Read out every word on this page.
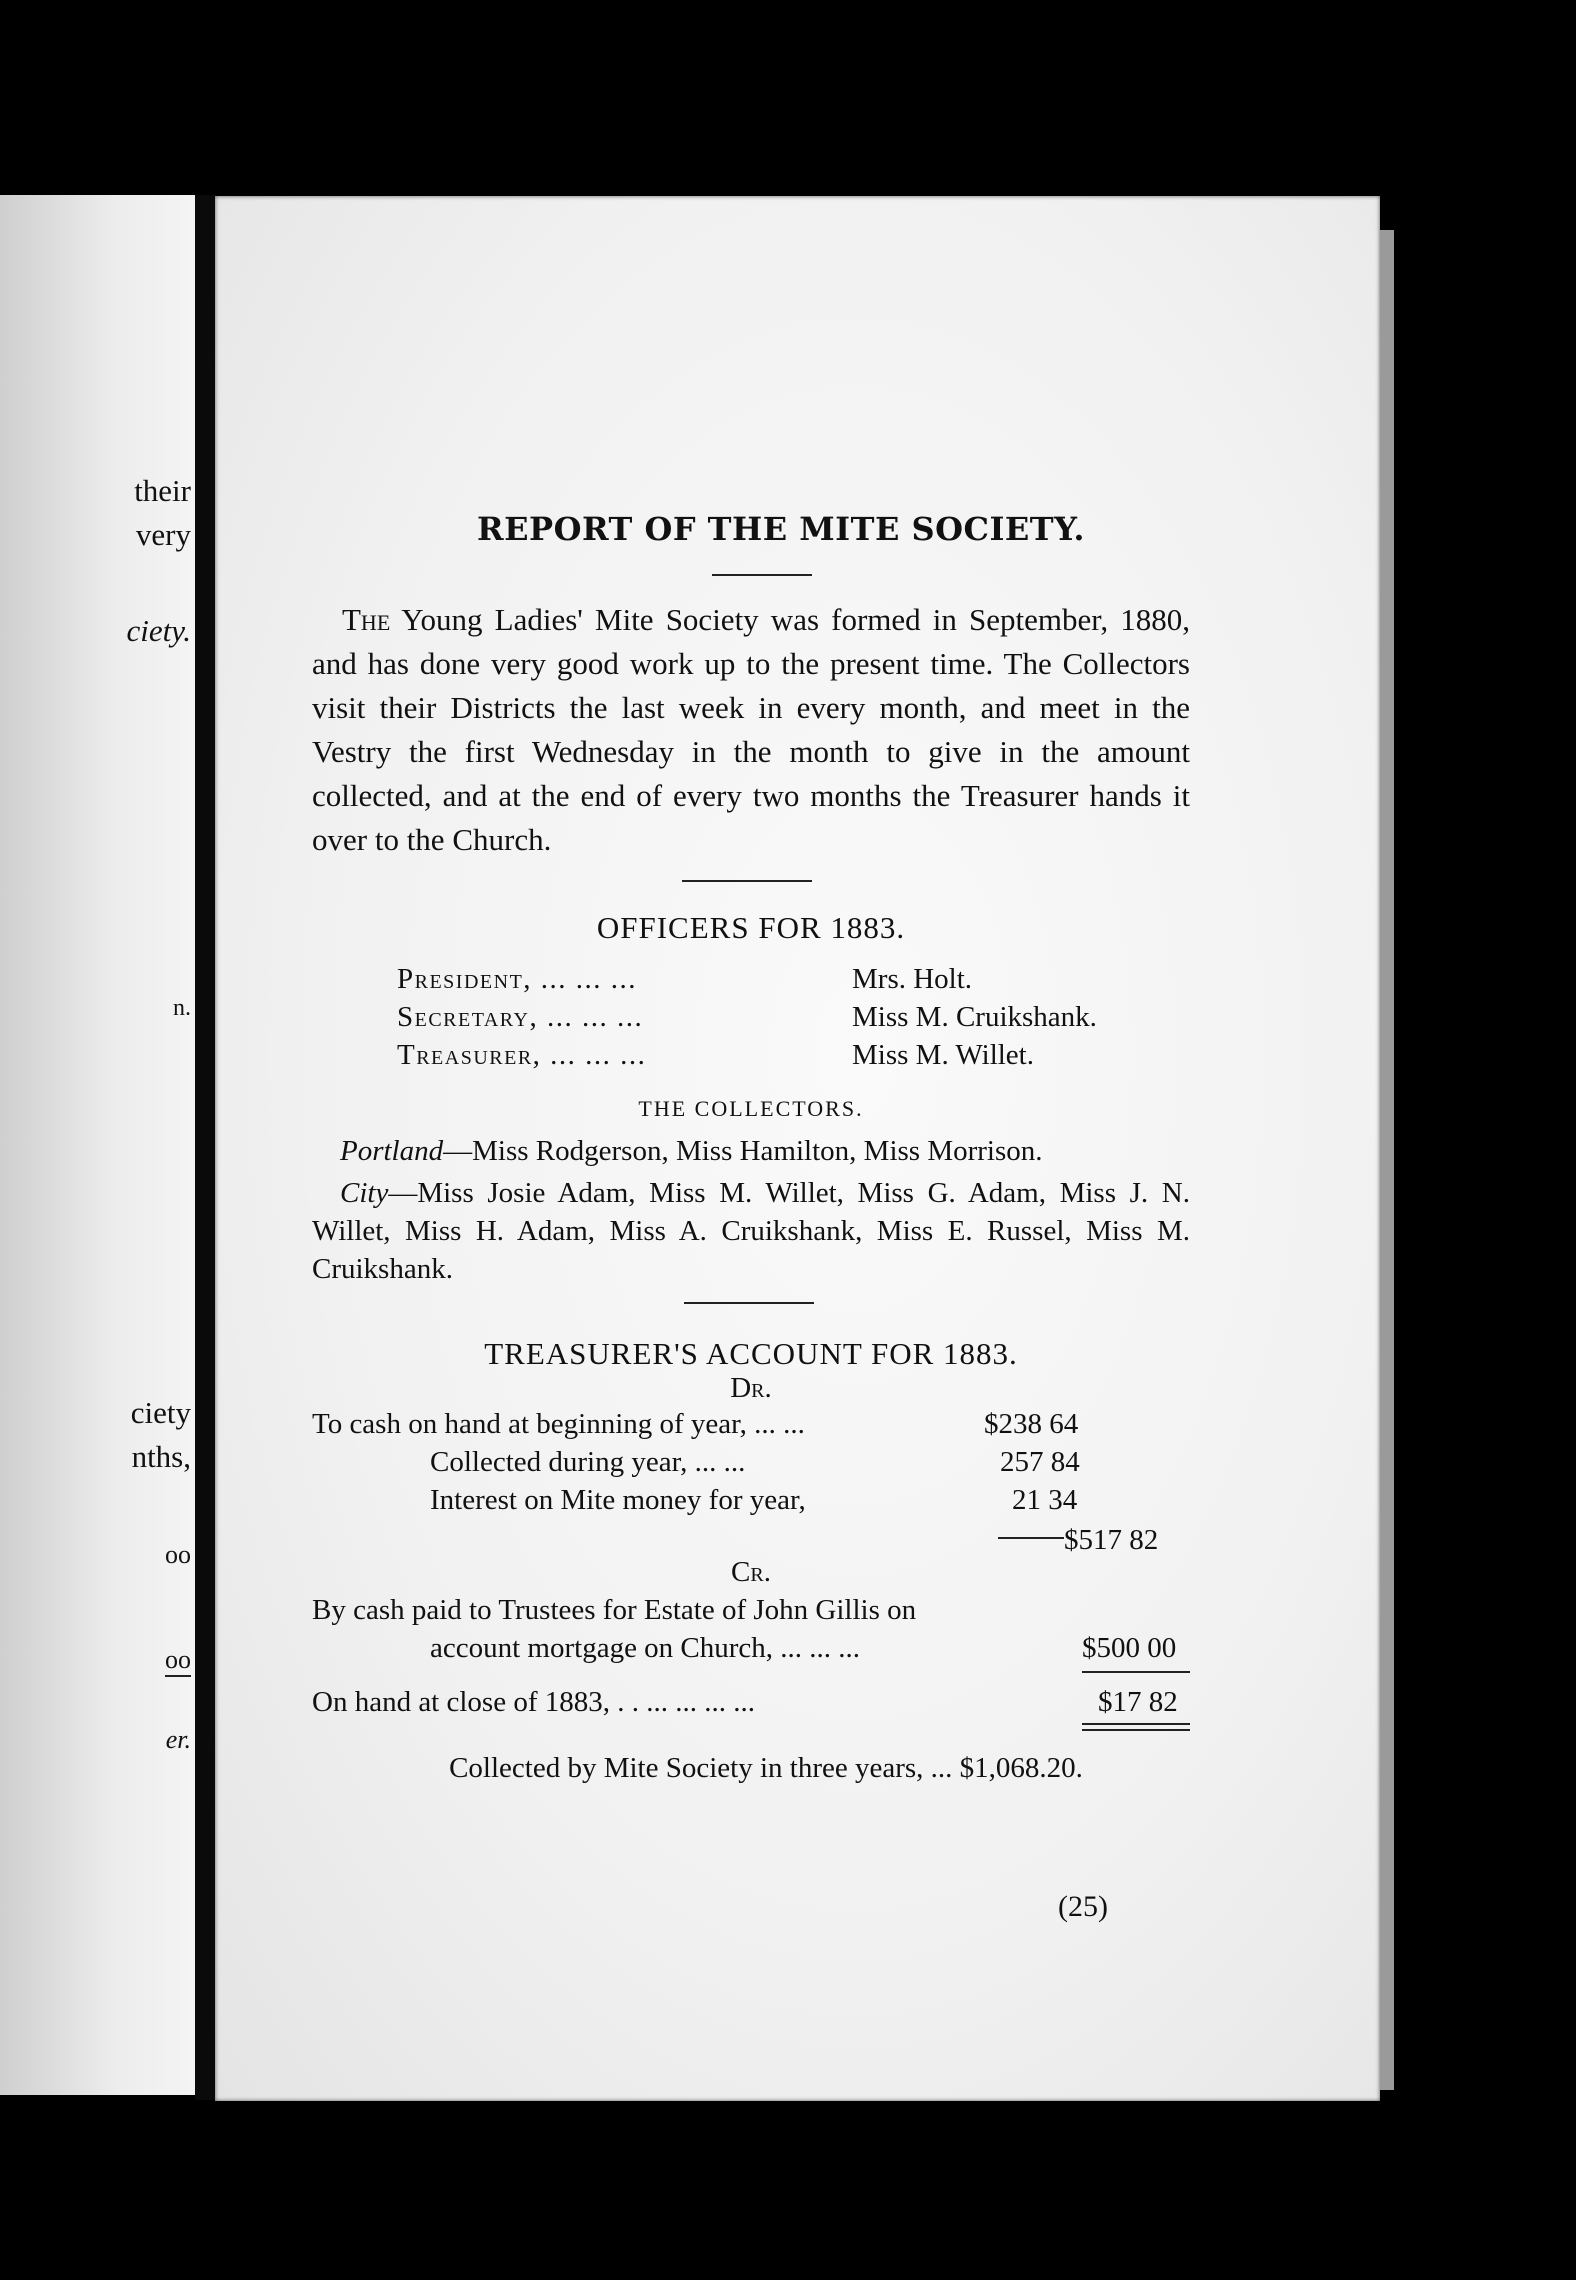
their
very
ciety.
n.
ciety
nths,
oo
oo
er.
REPORT OF THE MITE SOCIETY.

The Young Ladies' Mite Society was formed in September, 1880, and has done very good work up to the present time. The Collectors visit their Districts the last week in every month, and meet in the Vestry the first Wednesday in the month to give in the amount collected, and at the end of every two months the Treasurer hands it over to the Church.

OFFICERS FOR 1883.

President, ... ... ...	Mrs. Holt.
Secretary, ... ... ...	Miss M. Cruikshank.
Treasurer, ... ... ...	Miss M. Willet.

THE COLLECTORS.

Portland—Miss Rodgerson, Miss Hamilton, Miss Morrison.

City—Miss Josie Adam, Miss M. Willet, Miss G. Adam, Miss J. N. Willet, Miss H. Adam, Miss A. Cruikshank, Miss E. Russel, Miss M. Cruikshank.

TREASURER'S ACCOUNT FOR 1883.

Dr.
To cash on hand at beginning of year, ... ...	$238 64
Collected during year, ... ...	257 84
Interest on Mite money for year,	21 34
$517 82
Cr.
By cash paid to Trustees for Estate of John Gillis on
account mortgage on Church, ... ... ...	$500 00
On hand at close of 1883, . . ... ... ... ...	$17 82
Collected by Mite Society in three years, ... $1,068.20.
(25)
